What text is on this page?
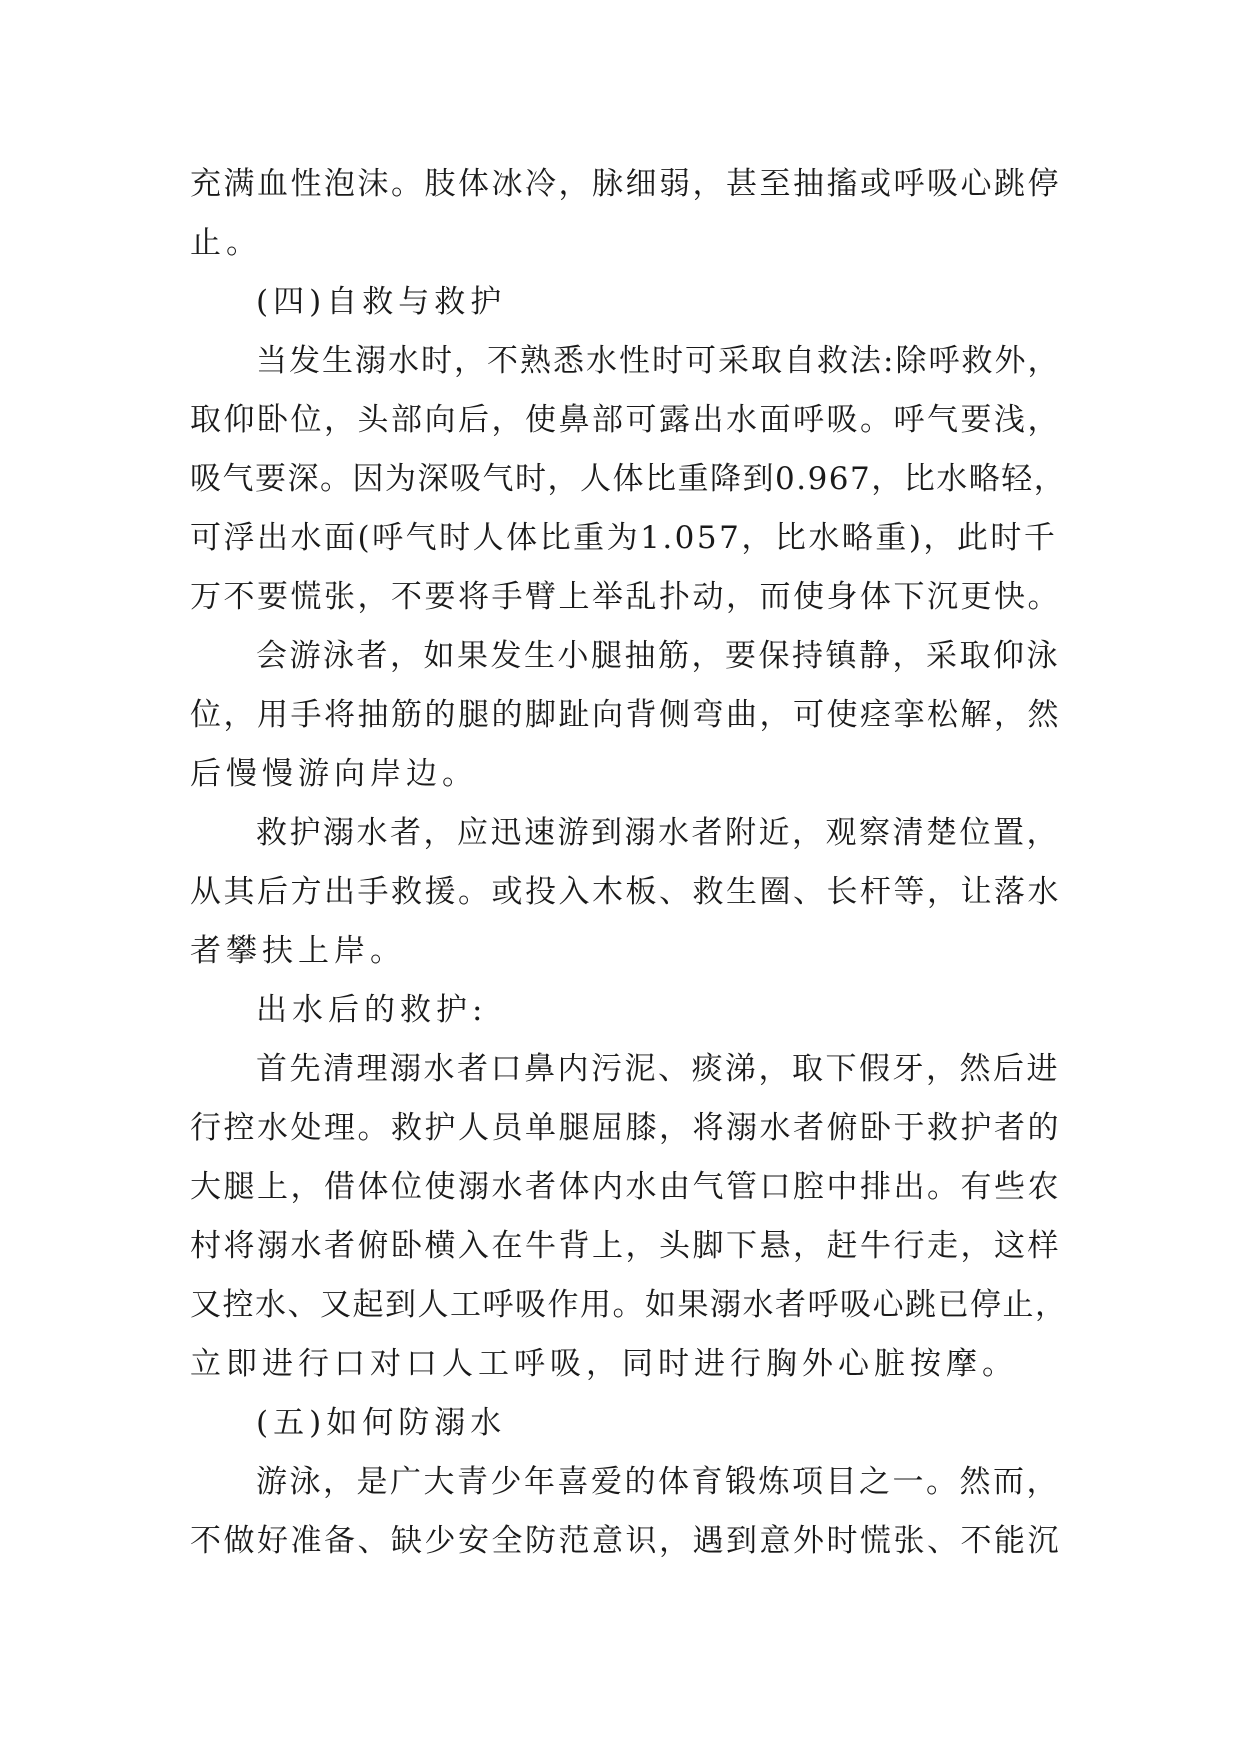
充满血性泡沫。肢体冰冷，脉细弱，甚至抽搐或呼吸心跳停
止。
(四)自救与救护
当发生溺水时，不熟悉水性时可采取自救法:除呼救外，
取仰卧位，头部向后，使鼻部可露出水面呼吸。呼气要浅，
吸气要深。因为深吸气时，人体比重降到0.967，比水略轻，
可浮出水面(呼气时人体比重为1.057，比水略重)，此时千
万不要慌张，不要将手臂上举乱扑动，而使身体下沉更快。
会游泳者，如果发生小腿抽筋，要保持镇静，采取仰泳
位，用手将抽筋的腿的脚趾向背侧弯曲，可使痉挛松解，然
后慢慢游向岸边。
救护溺水者，应迅速游到溺水者附近，观察清楚位置，
从其后方出手救援。或投入木板、救生圈、长杆等，让落水
者攀扶上岸。
出水后的救护:
首先清理溺水者口鼻内污泥、痰涕，取下假牙，然后进
行控水处理。救护人员单腿屈膝，将溺水者俯卧于救护者的
大腿上，借体位使溺水者体内水由气管口腔中排出。有些农
村将溺水者俯卧横入在牛背上，头脚下悬，赶牛行走，这样
又控水、又起到人工呼吸作用。如果溺水者呼吸心跳已停止，
立即进行口对口人工呼吸，同时进行胸外心脏按摩。
(五)如何防溺水
游泳，是广大青少年喜爱的体育锻炼项目之一。然而，
不做好准备、缺少安全防范意识，遇到意外时慌张、不能沉
